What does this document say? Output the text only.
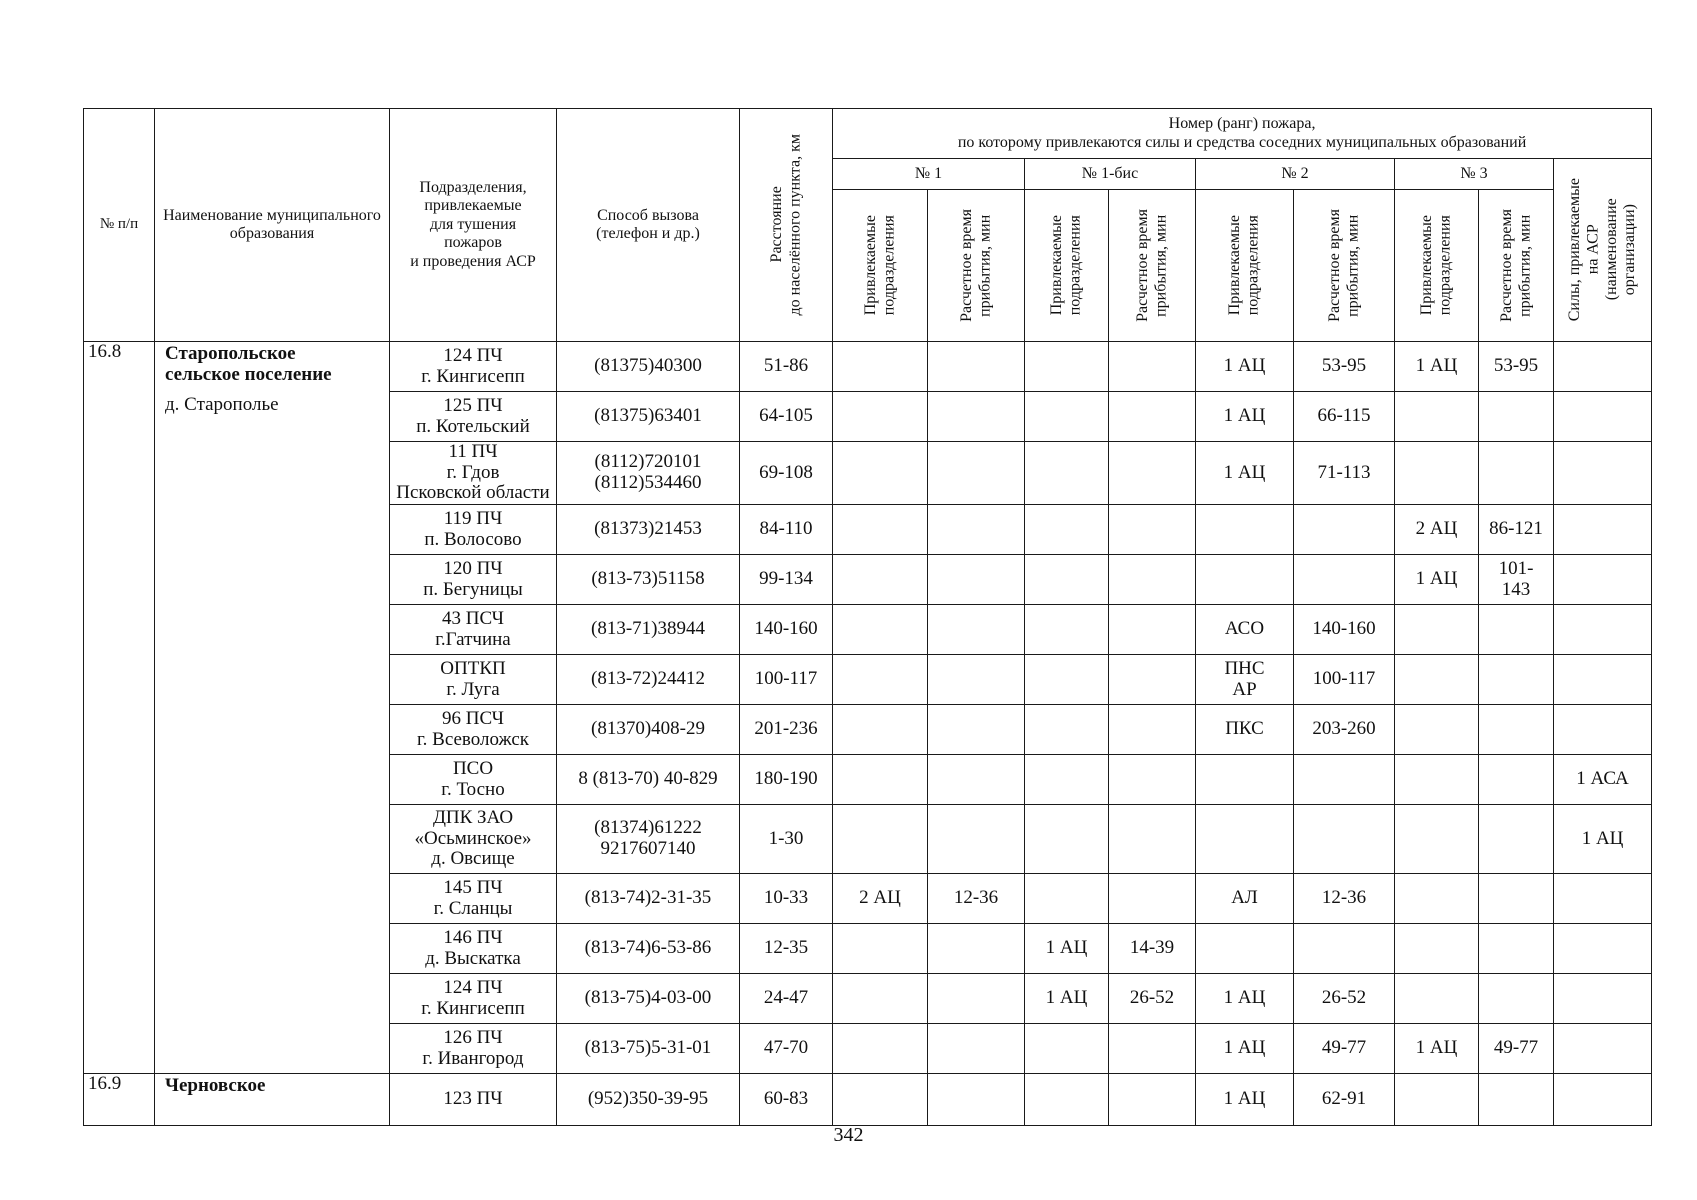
№ п/п	Наименование муниципального образования	Подразделения,
привлекаемые
для тушения
пожаров
и проведения АСР	Способ вызова
(телефон и др.)	Расстояние до населённого пункта, км	Номер (ранг) пожара,
по которому привлекаются силы и средства соседних муниципальных образований								

					№ 1		№ 1-бис		№ 2		№ 3		Силы, привлекаемые на АСР (наименование организации)

					Привлекаемые подразделения	Расчетное время прибытия, мин	Привлекаемые подразделения	Расчетное время прибытия, мин	Привлекаемые подразделения	Расчетное время прибытия, мин	Привлекаемые подразделения	Расчетное время прибытия, мин	

16.8	Старопольское
сельское поселение
д. Старополье	124 ПЧ
г. Кингисепп	(81375)40300	51-86					1 АЦ	53-95	1 АЦ	53-95	

		125 ПЧ
п. Котельский	(81375)63401	64-105					1 АЦ	66-115			

		11 ПЧ
г. Гдов
Псковской области	(8112)720101
(8112)534460	69-108					1 АЦ	71-113			

		119 ПЧ
п. Волосово	(81373)21453	84-110							2 АЦ	86-121	

		120 ПЧ
п. Бегуницы	(813-73)51158	99-134							1 АЦ	101-
143	

		43 ПСЧ
г.Гатчина	(813-71)38944	140-160					АСО	140-160			

		ОПТКП
г. Луга	(813-72)24412	100-117					ПНС
АР	100-117			

		96 ПСЧ
г. Всеволожск	(81370)408-29	201-236					ПКС	203-260			

		ПСО
г. Тосно	8 (813-70) 40-829	180-190									1 АСА

		ДПК ЗАО
«Осьминское»
д. Овсище	(81374)61222
9217607140	1-30									1 АЦ

		145 ПЧ
г. Сланцы	(813-74)2-31-35	10-33	2 АЦ	12-36			АЛ	12-36			

		146 ПЧ
д. Выскатка	(813-74)6-53-86	12-35			1 АЦ	14-39					

		124 ПЧ
г. Кингисепп	(813-75)4-03-00	24-47			1 АЦ	26-52	1 АЦ	26-52			

		126 ПЧ
г. Ивангород	(813-75)5-31-01	47-70					1 АЦ	49-77	1 АЦ	49-77	

16.9	Черновское	123 ПЧ	(952)350-39-95	60-83					1 АЦ	62-91			
342
